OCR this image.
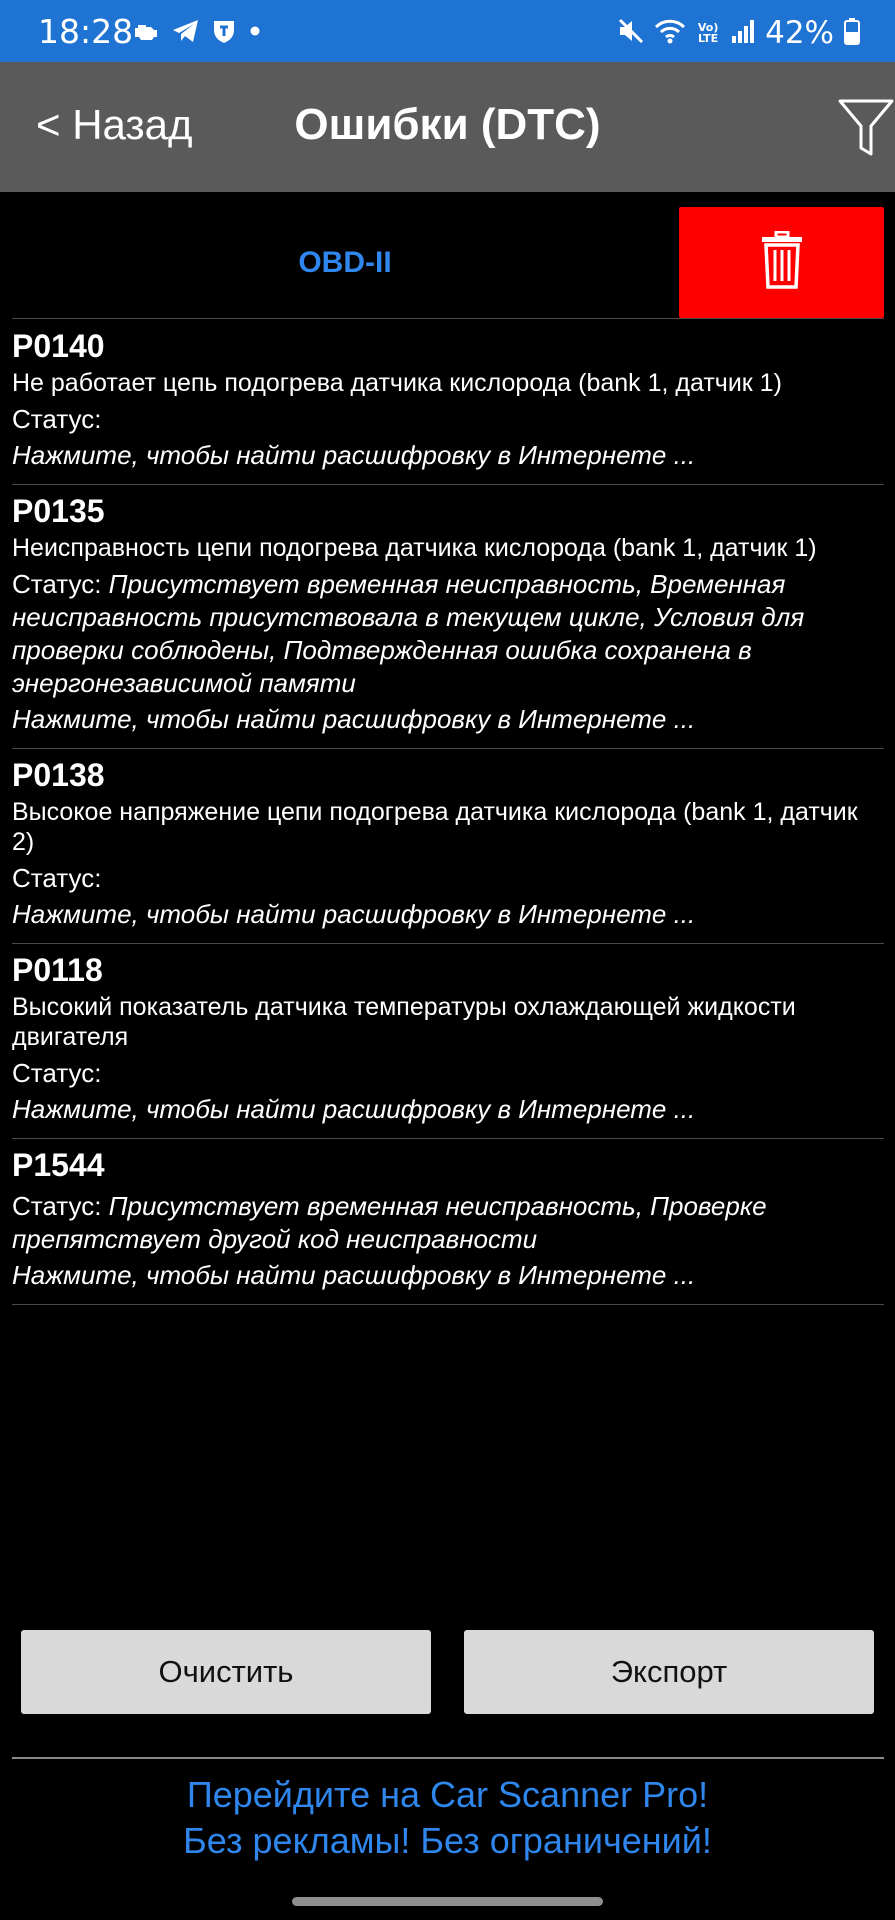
18:28	Vo) LTE 42%
< Назад	Ошибки (DTC)
OBD-II
P0140
Не работает цепь подогрева датчика кислорода (bank 1, датчик 1)
Статус:
Нажмите, чтобы найти расшифровку в Интернете ...
P0135
Неисправность цепи подогрева датчика кислорода (bank 1, датчик 1)
Статус: Присутствует временная неисправность, Временная неисправность присутствовала в текущем цикле, Условия для проверки соблюдены, Подтвержденная ошибка сохранена в энергонезависимой памяти
Нажмите, чтобы найти расшифровку в Интернете ...
P0138
Высокое напряжение цепи подогрева датчика кислорода (bank 1, датчик 2)
Статус:
Нажмите, чтобы найти расшифровку в Интернете ...
P0118
Высокий показатель датчика температуры охлаждающей жидкости двигателя
Статус:
Нажмите, чтобы найти расшифровку в Интернете ...
P1544
Статус: Присутствует временная неисправность, Проверке препятствует другой код неисправности
Нажмите, чтобы найти расшифровку в Интернете ...
Очистить	Экспорт
Перейдите на Car Scanner Pro!
Без рекламы! Без ограничений!
